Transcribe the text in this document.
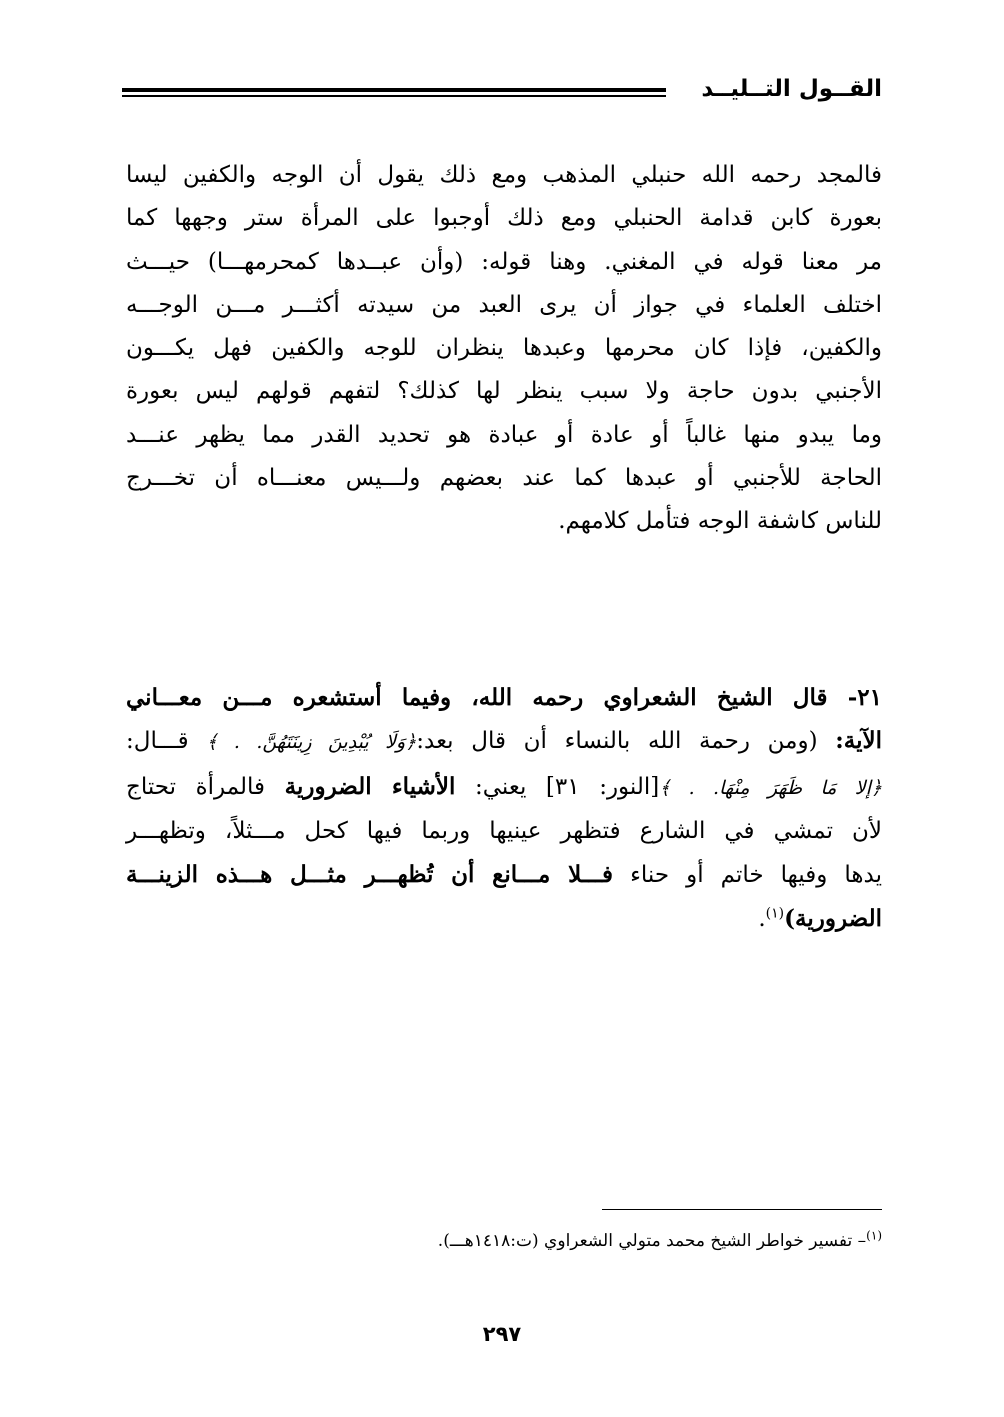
القــول التــليــد
فالمجد رحمه الله حنبلي المذهب ومع ذلك يقول أن الوجه والكفين ليسا
بعورة كابن قدامة الحنبلي ومع ذلك أوجبوا على المرأة ستر وجهها كما
مر معنا قوله في المغني. وهنا قوله: (وأن عبــدها كمحرمهـــا) حيـــث
اختلف العلماء في جواز أن يرى العبد من سيدته أكثـــر مـــن الوجـــه
والكفين، فإذا كان محرمها وعبدها ينظران للوجه والكفين فهل يكـــون
الأجنبي بدون حاجة ولا سبب ينظر لها كذلك؟ لتفهم قولهم ليس بعورة
وما يبدو منها غالباً أو عادة أو عبادة هو تحديد القدر مما يظهر عنـــد
الحاجة للأجنبي أو عبدها كما عند بعضهم ولـــيس معنـــاه أن تخـــرج
للناس كاشفة الوجه فتأمل كلامهم.
٢١- قال الشيخ الشعراوي رحمه الله، وفيما أستشعره مـــن معـــاني
الآية: (ومن رحمة الله بالنساء أن قال بعد:﴿وَلَا يُبْدِينَ زِينَتَهُنَّ. . ﴾ قـــال:
﴿إلا مَا ظَهَرَ مِنْهَا. . ﴾[النور: ٣١] يعني: الأشياء الضرورية فالمرأة تحتاج
لأن تمشي في الشارع فتظهر عينيها وربما فيها كحل مـــثلاً، وتظهـــر
يدها وفيها خاتم أو حناء فـــلا مـــانع أن تُظهـــر مثـــل هـــذه الزينـــة
الضرورية)$^{(١)}$.
$^{(١)}$– تفسير خواطر الشيخ محمد متولي الشعراوي (ت:١٤١٨هـــ).
٢٩٧
